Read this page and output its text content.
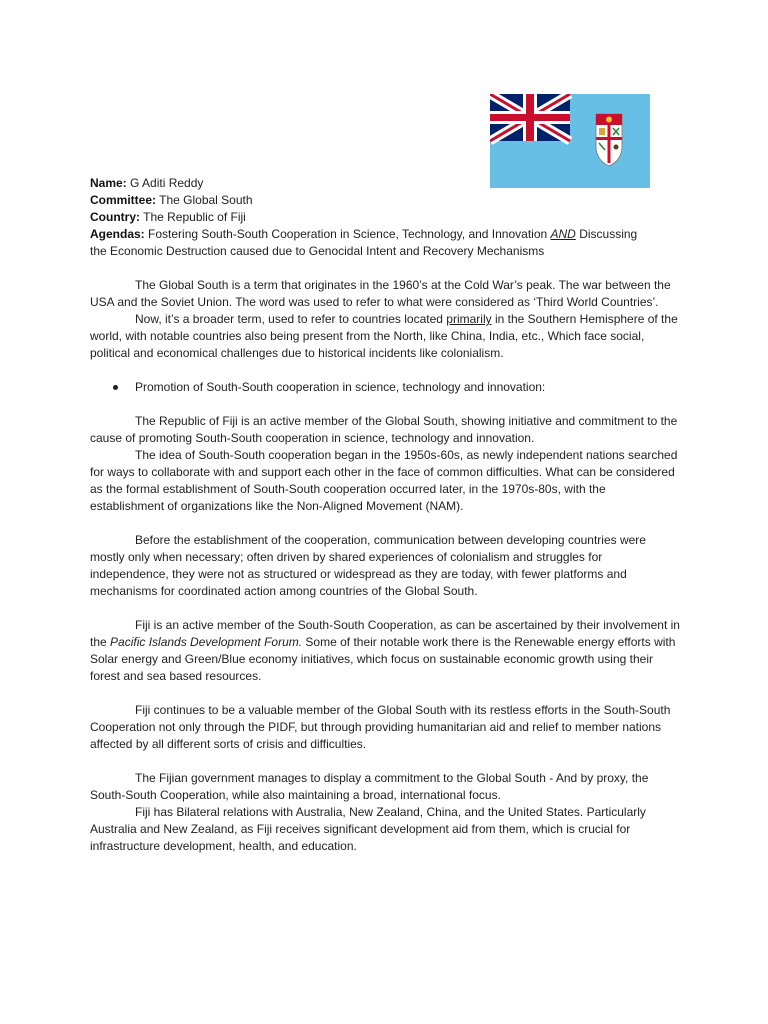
Name: G Aditi Reddy
Committee: The Global South
Country: The Republic of Fiji
Agendas: Fostering South-South Cooperation in Science, Technology, and Innovation AND Discussing
the Economic Destruction caused due to Genocidal Intent and Recovery Mechanisms

The Global South is a term that originates in the 1960’s at the Cold War’s peak. The war between the USA and the Soviet Union. The word was used to refer to what were considered as ‘Third World Countries’.

Now, it’s a broader term, used to refer to countries located primarily in the Southern Hemisphere of the world, with notable countries also being present from the North, like China, India, etc., Which face social, political and economical challenges due to historical incidents like colonialism.

Promotion of South-South cooperation in science, technology and innovation:

The Republic of Fiji is an active member of the Global South, showing initiative and commitment to the cause of promoting South-South cooperation in science, technology and innovation.

The idea of South-South cooperation began in the 1950s-60s, as newly independent nations searched for ways to collaborate with and support each other in the face of common difficulties. What can be considered as the formal establishment of South-South cooperation occurred later, in the 1970s-80s, with the establishment of organizations like the Non-Aligned Movement (NAM).

Before the establishment of the cooperation, communication between developing countries were mostly only when necessary; often driven by shared experiences of colonialism and struggles for independence, they were not as structured or widespread as they are today, with fewer platforms and mechanisms for coordinated action among countries of the Global South.

Fiji is an active member of the South-South Cooperation, as can be ascertained by their involvement in the Pacific Islands Development Forum. Some of their notable work there is the Renewable energy efforts with Solar energy and Green/Blue economy initiatives, which focus on sustainable economic growth using their forest and sea based resources.

Fiji continues to be a valuable member of the Global South with its restless efforts in the South-South Cooperation not only through the PIDF, but through providing humanitarian aid and relief to member nations affected by all different sorts of crisis and difficulties.

The Fijian government manages to display a commitment to the Global South - And by proxy, the South-South Cooperation, while also maintaining a broad, international focus.

Fiji has Bilateral relations with Australia, New Zealand, China, and the United States. Particularly Australia and New Zealand, as Fiji receives significant development aid from them, which is crucial for infrastructure development, health, and education.
